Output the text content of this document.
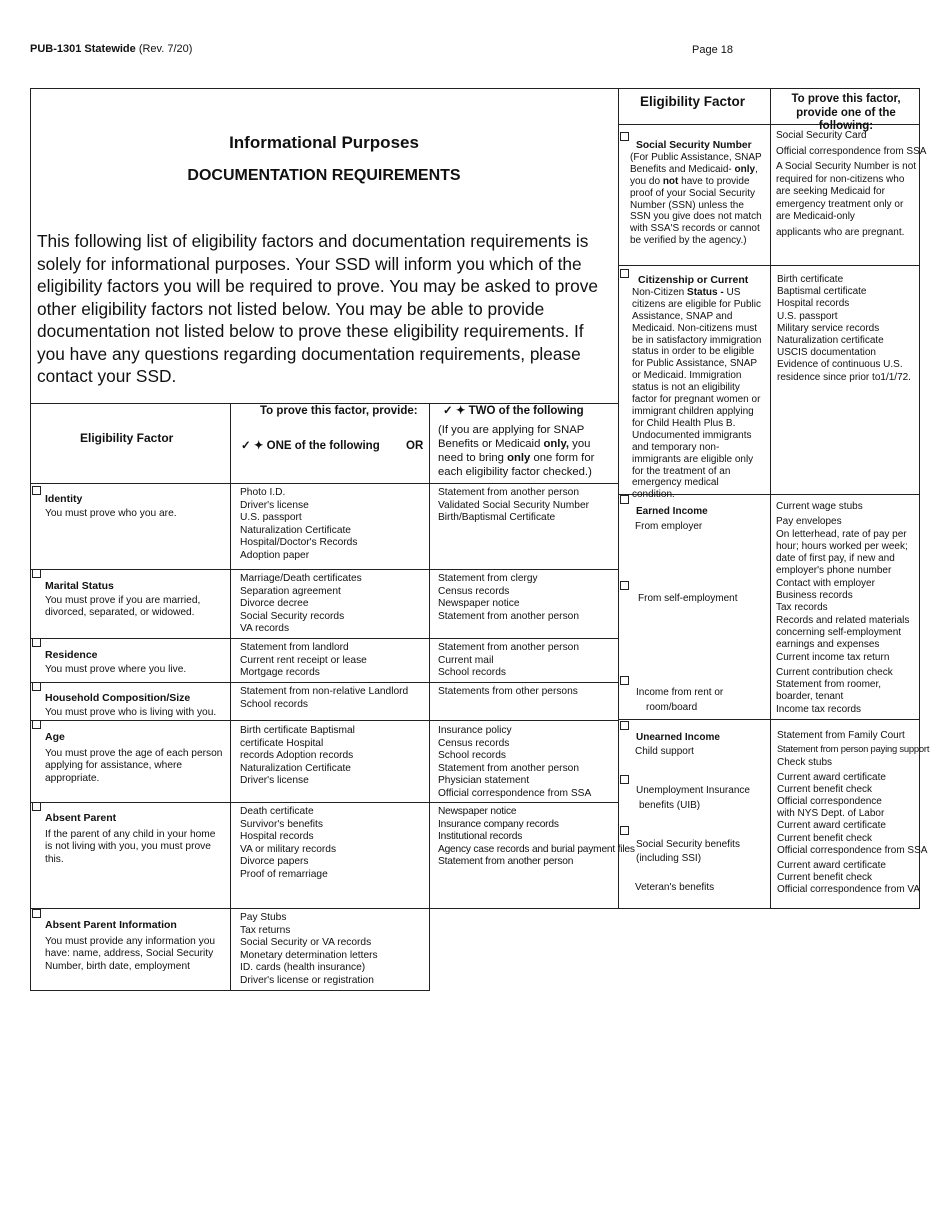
PUB-1301 Statewide (Rev. 7/20)	Page 18
Informational Purposes
DOCUMENTATION REQUIREMENTS
This following list of eligibility factors and documentation requirements is solely for informational purposes. Your SSD will inform you which of the eligibility factors you will be required to prove. You may be asked to prove other eligibility factors not listed below. You may be able to provide documentation not listed below to prove these eligibility requirements. If you have any questions regarding documentation requirements, please contact your SSD.
Eligibility Factor
To prove this factor, provide:
✓ ✦ ONE of the following OR
✓ ✦ TWO of the following
(If you are applying for SNAP Benefits or Medicaid only, you need to bring only one form for each eligibility factor checked.)
Identity
You must prove who you are.
Photo I.D.
Driver's license
U.S. passport
Naturalization Certificate
Hospital/Doctor's Records
Adoption paper
Statement from another person
Validated Social Security Number
Birth/Baptismal Certificate
Marital Status
You must prove if you are married, divorced, separated, or widowed.
Marriage/Death certificates
Separation agreement
Divorce decree
Social Security records
VA records
Statement from clergy
Census records
Newspaper notice
Statement from another person
Residence
You must prove where you live.
Statement from landlord
Current rent receipt or lease
Mortgage records
Statement from another person
Current mail
School records
Household Composition/Size
You must prove who is living with you.
Statement from non-relative Landlord
School records
Statements from other persons
Age
You must prove the age of each person applying for assistance, where appropriate.
Birth certificate Baptismal
certificate Hospital
records Adoption records
Naturalization Certificate
Driver's license
Insurance policy
Census records
School records
Statement from another person
Physician statement
Official correspondence from SSA
Absent Parent
If the parent of any child in your home is not living with you, you must prove this.
Death certificate
Survivor's benefits
Hospital records
VA or military records
Divorce papers
Proof of remarriage
Newspaper notice
Insurance company records
Institutional records
Agency case records and burial payment files
Statement from another person
Absent Parent Information
You must provide any information you have: name, address, Social Security Number, birth date, employment
Pay Stubs
Tax returns
Social Security or VA records
Monetary determination letters
ID. cards (health insurance)
Driver's license or registration
Eligibility Factor	To prove this factor, provide one of the following:
Social Security Number
(For Public Assistance, SNAP Benefits and Medicaid- only, you do not have to provide proof of your Social Security Number (SSN) unless the SSN you give does not match with SSA'S records or cannot be verified by the agency.)
Social Security Card
Official correspondence from SSA
A Social Security Number is not required for non-citizens who are seeking Medicaid for emergency treatment only or are Medicaid-only
applicants who are pregnant.
Citizenship or Current Non-Citizen Status - US citizens are eligible for Public Assistance, SNAP and Medicaid. Non-citizens must be in satisfactory immigration status in order to be eligible for Public Assistance, SNAP or Medicaid. Immigration status is not an eligibility factor for pregnant women or immigrant children applying for Child Health Plus B. Undocumented immigrants and temporary non-immigrants are eligible only for the treatment of an emergency medical condition.
Birth certificate
Baptismal certificate
Hospital records
U.S. passport
Military service records
Naturalization certificate
USCIS documentation
Evidence of continuous U.S.
residence since prior to1/1/72.
Earned Income
From employer
From self-employment
Income from rent or
room/board
Current wage stubs
Pay envelopes
On letterhead, rate of pay per hour; hours worked per week; date of first pay, if new and employer's phone number
Contact with employer
Business records
Tax records
Records and related materials concerning self-employment earnings and expenses
Current income tax return
Current contribution check
Statement from roomer, boarder, tenant
Income tax records
Unearned Income
Child support
Unemployment Insurance
benefits (UIB)
Social Security benefits
(including SSI)
Veteran's benefits
Statement from Family Court
Statement from person paying support
Check stubs
Current award certificate
Current benefit check
Official correspondence
with NYS Dept. of Labor
Current award certificate
Current benefit check
Official correspondence from SSA
Current award certificate
Current benefit check
Official correspondence from VA
